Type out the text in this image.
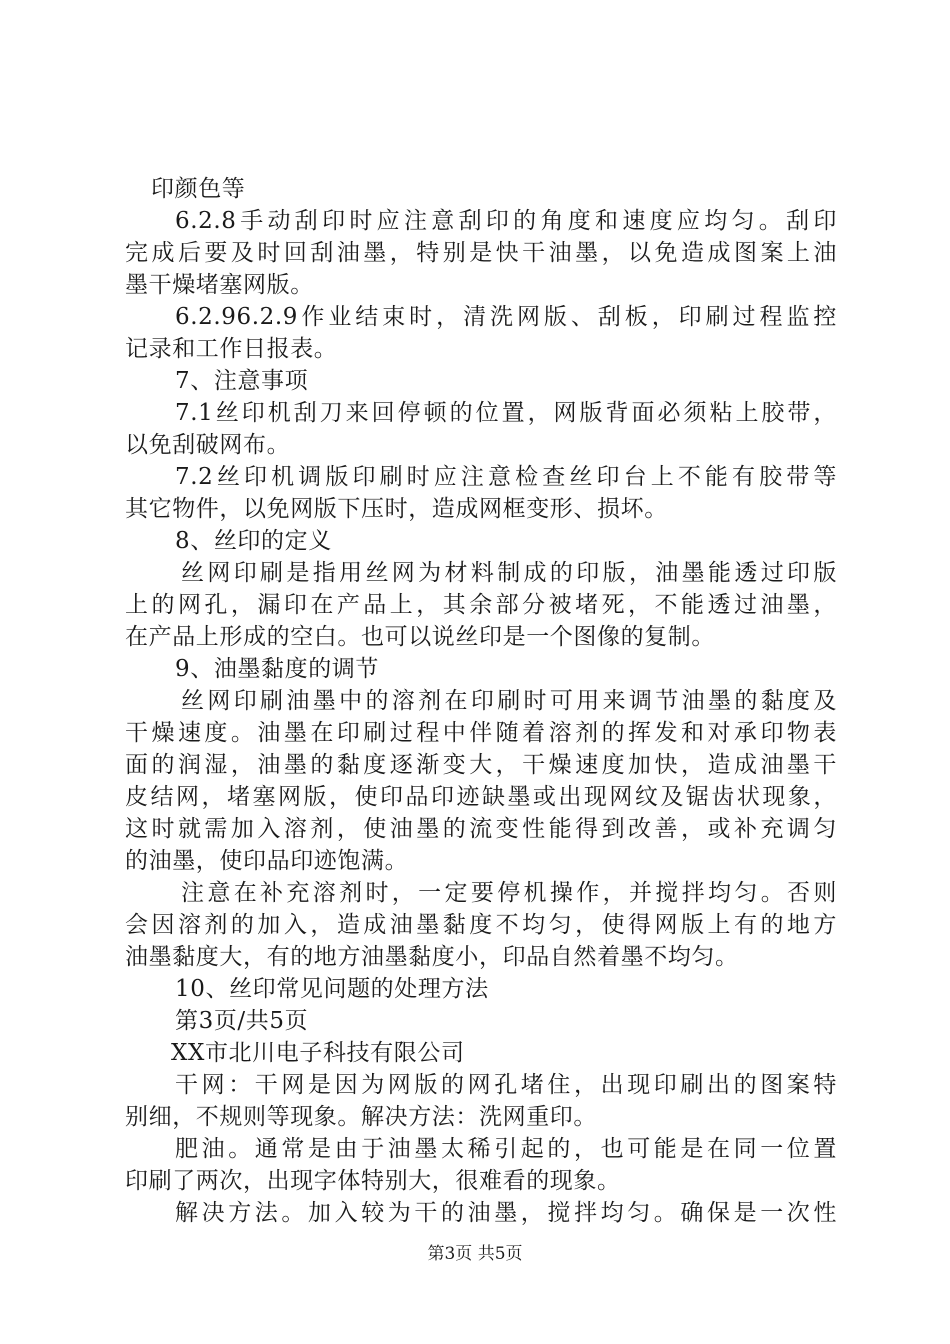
印颜色等
6.2.8手动刮印时应注意刮印的角度和速度应均匀。刮印
完成后要及时回刮油墨，特别是快干油墨，以免造成图案上油
墨干燥堵塞网版。
6.2.96.2.9作业结束时，清洗网版、刮板，印刷过程监控
记录和工作日报表。
7、注意事项
7.1丝印机刮刀来回停顿的位置，网版背面必须粘上胶带，
以免刮破网布。
7.2丝印机调版印刷时应注意检查丝印台上不能有胶带等
其它物件，以免网版下压时，造成网框变形、损坏。
8、丝印的定义
丝网印刷是指用丝网为材料制成的印版，油墨能透过印版
上的网孔，漏印在产品上，其余部分被堵死，不能透过油墨，
在产品上形成的空白。也可以说丝印是一个图像的复制。
9、油墨黏度的调节
丝网印刷油墨中的溶剂在印刷时可用来调节油墨的黏度及
干燥速度。油墨在印刷过程中伴随着溶剂的挥发和对承印物表
面的润湿，油墨的黏度逐渐变大，干燥速度加快，造成油墨干
皮结网，堵塞网版，使印品印迹缺墨或出现网纹及锯齿状现象，
这时就需加入溶剂，使油墨的流变性能得到改善，或补充调匀
的油墨，使印品印迹饱满。
注意在补充溶剂时，一定要停机操作，并搅拌均匀。否则
会因溶剂的加入，造成油墨黏度不均匀，使得网版上有的地方
油墨黏度大，有的地方油墨黏度小，印品自然着墨不均匀。
10、丝印常见问题的处理方法
第3页/共5页
XX市北川电子科技有限公司
干网：干网是因为网版的网孔堵住，出现印刷出的图案特
别细，不规则等现象。解决方法：洗网重印。
肥油。通常是由于油墨太稀引起的，也可能是在同一位置
印刷了两次，出现字体特别大，很难看的现象。
解决方法。加入较为干的油墨，搅拌均匀。确保是一次性
第3页 共5页
